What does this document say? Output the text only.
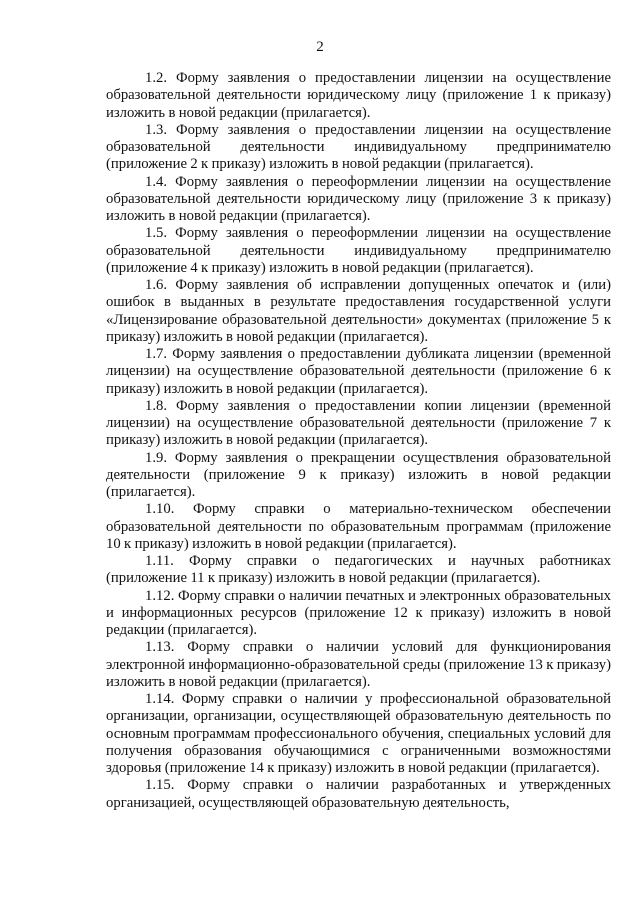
2

1.2. Форму заявления о предоставлении лицензии на осуществление образовательной деятельности юридическому лицу (приложение 1 к приказу) изложить в новой редакции (прилагается).

1.3. Форму заявления о предоставлении лицензии на осуществление образовательной деятельности индивидуальному предпринимателю (приложение 2 к приказу) изложить в новой редакции (прилагается).

1.4. Форму заявления о переоформлении лицензии на осуществление образовательной деятельности юридическому лицу (приложение 3 к приказу) изложить в новой редакции (прилагается).

1.5. Форму заявления о переоформлении лицензии на осуществление образовательной деятельности индивидуальному предпринимателю (приложение 4 к приказу) изложить в новой редакции (прилагается).

1.6. Форму заявления об исправлении допущенных опечаток и (или) ошибок в выданных в результате предоставления государственной услуги «Лицензирование образовательной деятельности» документах (приложение 5 к приказу) изложить в новой редакции (прилагается).

1.7. Форму заявления о предоставлении дубликата лицензии (временной лицензии) на осуществление образовательной деятельности (приложение 6 к приказу) изложить в новой редакции (прилагается).

1.8. Форму заявления о предоставлении копии лицензии (временной лицензии) на осуществление образовательной деятельности (приложение 7 к приказу) изложить в новой редакции (прилагается).

1.9. Форму заявления о прекращении осуществления образовательной деятельности (приложение 9 к приказу) изложить в новой редакции (прилагается).

1.10. Форму справки о материально-техническом обеспечении образовательной деятельности по образовательным программам (приложение 10 к приказу) изложить в новой редакции (прилагается).

1.11. Форму справки о педагогических и научных работниках (приложение 11 к приказу) изложить в новой редакции (прилагается).

1.12. Форму справки о наличии печатных и электронных образовательных и информационных ресурсов (приложение 12 к приказу) изложить в новой редакции (прилагается).

1.13. Форму справки о наличии условий для функционирования электронной информационно-образовательной среды (приложение 13 к приказу) изложить в новой редакции (прилагается).

1.14. Форму справки о наличии у профессиональной образовательной организации, организации, осуществляющей образовательную деятельность по основным программам профессионального обучения, специальных условий для получения образования обучающимися с ограниченными возможностями здоровья (приложение 14 к приказу) изложить в новой редакции (прилагается).

1.15. Форму справки о наличии разработанных и утвержденных организацией, осуществляющей образовательную деятельность,
